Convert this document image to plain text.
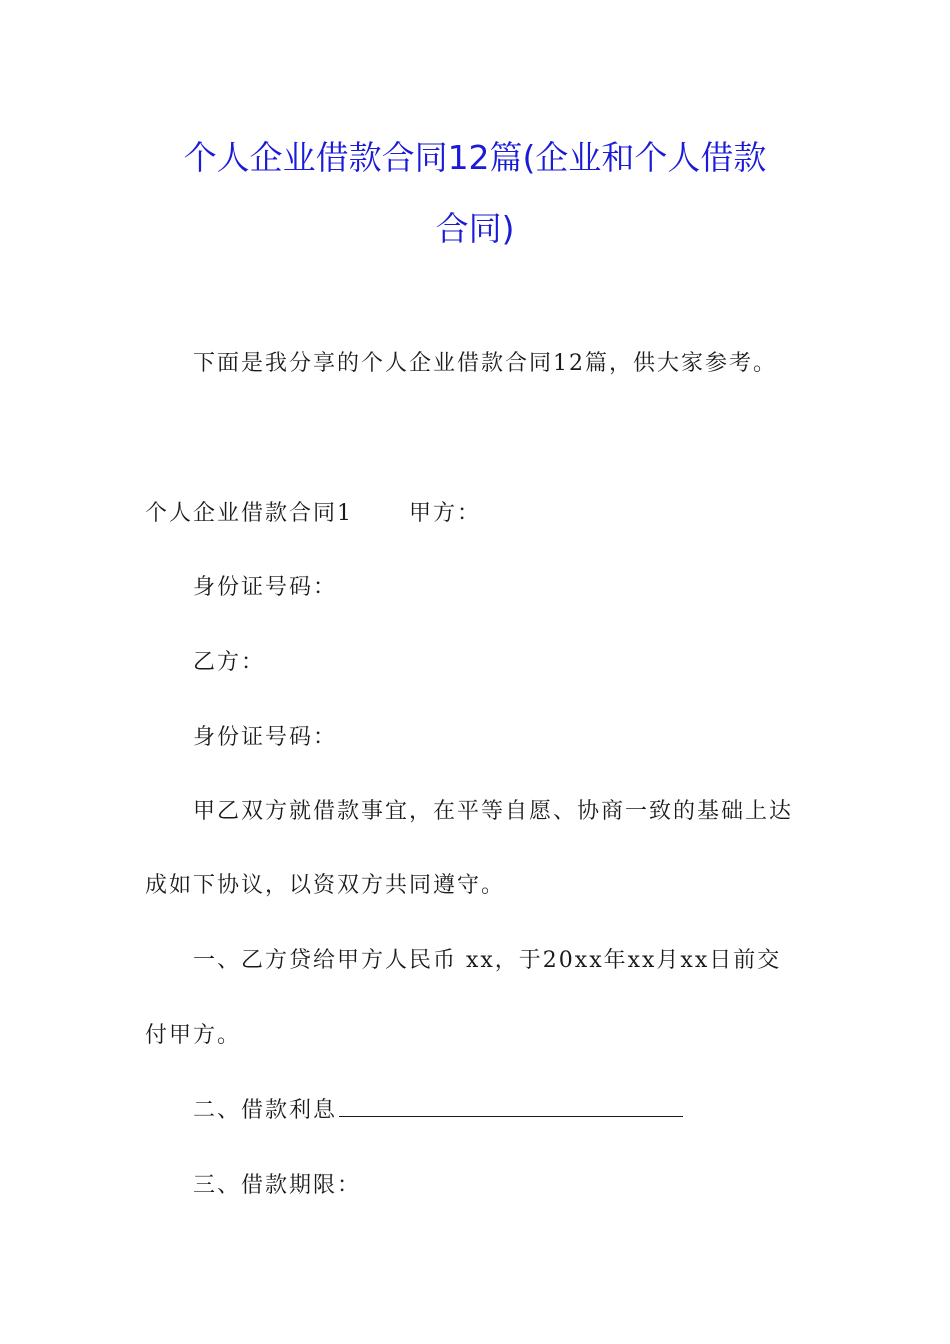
个人企业借款合同12篇(企业和个人借款
合同)
下面是我分享的个人企业借款合同12篇，供大家参考。
个人企业借款合同1	甲方：
身份证号码：
乙方：
身份证号码：
甲乙双方就借款事宜，在平等自愿、协商一致的基础上达
成如下协议，以资双方共同遵守。
一、乙方贷给甲方人民币 xx，于20xx年xx月xx日前交
付甲方。
二、借款利息
三、借款期限：
